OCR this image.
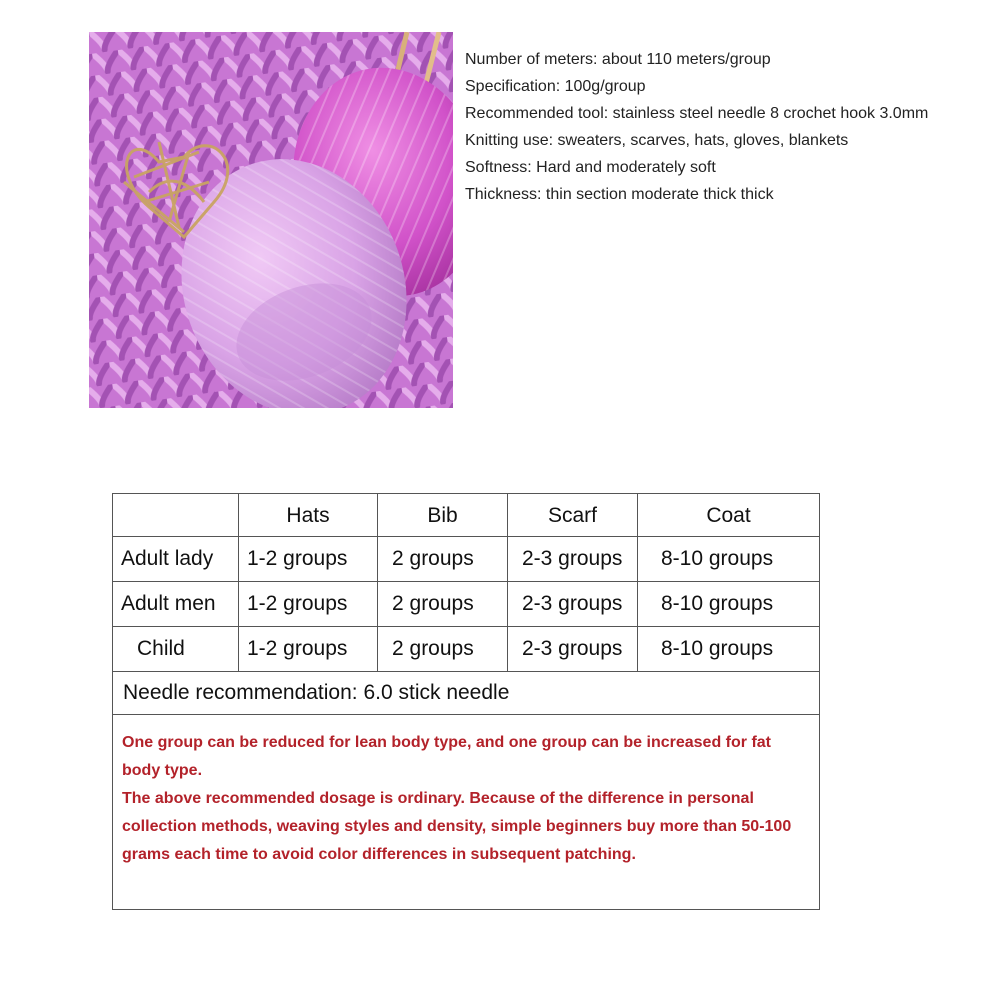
Number of meters: about 110 meters/group
Specification: 100g/group
Recommended tool: stainless steel needle 8 crochet hook 3.0mm
Knitting use: sweaters, scarves, hats, gloves, blankets
Softness: Hard and moderately soft
Thickness: thin section moderate thick thick
	Hats	Bib	Scarf	Coat
Adult lady	1-2 groups	2 groups	2-3 groups	8-10 groups
Adult men	1-2 groups	2 groups	2-3 groups	8-10 groups
Child	1-2 groups	2 groups	2-3 groups	8-10 groups
Needle recommendation: 6.0 stick needle				

One group can be reduced for lean body type, and one group can be increased for fat body type.

The above recommended dosage is ordinary. Because of the difference in personal collection methods, weaving styles and density, simple beginners buy more than 50-100 grams each time to avoid color differences in subsequent patching.				
